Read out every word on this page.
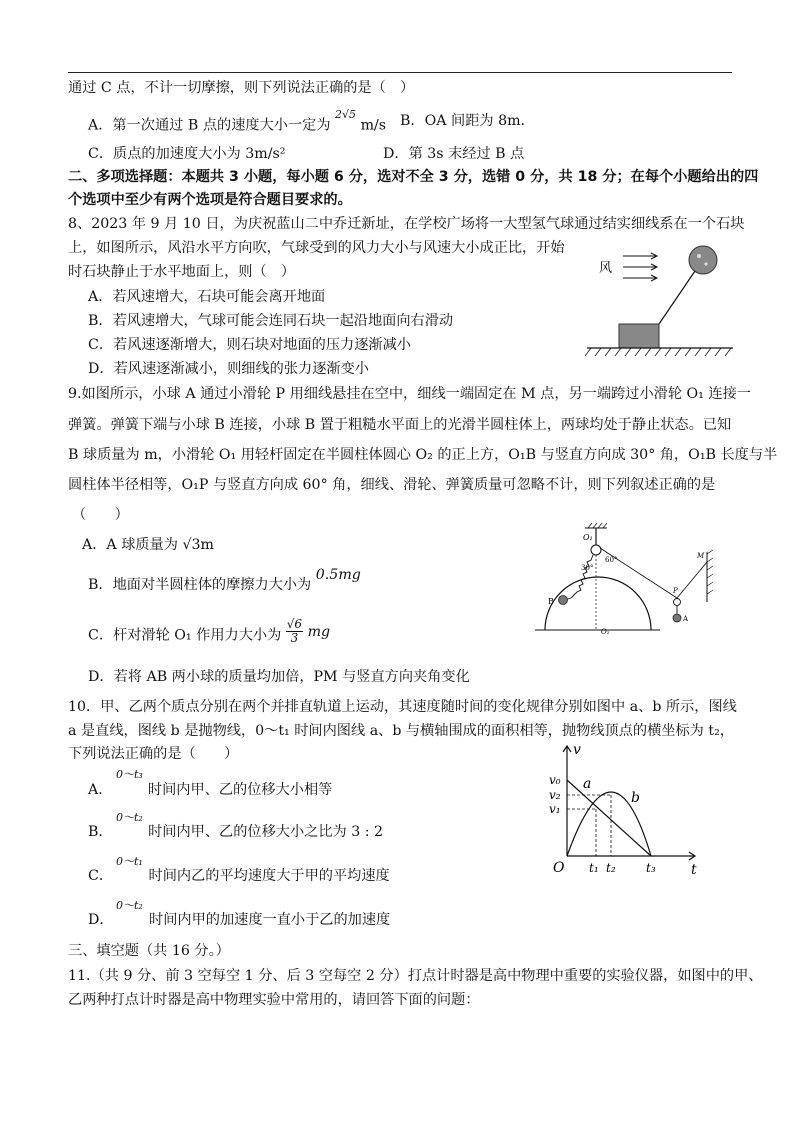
通过 C 点，不计一切摩擦，则下列说法正确的是（　）
A．第一次通过 B 点的速度大小一定为 $^{2√5}$ m/s B．OA 间距为 8m.
C．质点的加速度大小为 3m/s²	D．第 3s 末经过 B 点
二、多项选择题：本题共 3 小题，每小题 6 分，选对不全 3 分，选错 0 分，共 18 分；在每个小题给出的四
个选项中至少有两个选项是符合题目要求的。
8、2023 年 9 月 10 日，为庆祝蓝山二中乔迁新址，在学校广场将一大型氢气球通过结实细线系在一个石块
上，如图所示，风沿水平方向吹，气球受到的风力大小与风速大小成正比，开始
时石块静止于水平地面上，则（　）
A．若风速增大，石块可能会离开地面
B．若风速增大，气球可能会连同石块一起沿地面向右滑动
C．若风速逐渐增大，则石块对地面的压力逐渐减小
D．若风速逐渐减小，则细线的张力逐渐变小
风
9.如图所示，小球 A 通过小滑轮 P 用细线悬挂在空中，细线一端固定在 M 点，另一端跨过小滑轮 O₁ 连接一
弹簧。弹簧下端与小球 B 连接，小球 B 置于粗糙水平面上的光滑半圆柱体上，两球均处于静止状态。已知
B 球质量为 m，小滑轮 O₁ 用轻杆固定在半圆柱体圆心 O₂ 的正上方，O₁B 与竖直方向成 30° 角，O₁B 长度与半
圆柱体半径相等，O₁P 与竖直方向成 60° 角，细线、滑轮、弹簧质量可忽略不计，则下列叙述正确的是
（　　）
A．A 球质量为 √3m
B．地面对半圆柱体的摩擦力大小为 0.5mg
C．杆对滑轮 O₁ 作用力大小为 $\frac{√6}{3}$ mg
D．若将 AB 两小球的质量均加倍，PM 与竖直方向夹角变化
O₁
60°
30°
B
O₂
M
P
A
10．甲、乙两个质点分别在两个并排直轨道上运动，其速度随时间的变化规律分别如图中 a、b 所示，图线
a 是直线，图线 b 是抛物线，0～t₁ 时间内图线 a、b 与横轴围成的面积相等，抛物线顶点的横坐标为 t₂，
下列说法正确的是（　　）
0～t₃
A．　　　时间内甲、乙的位移大小相等
0～t₂
B．　　　时间内甲、乙的位移大小之比为 3 : 2
0～t₁
C．　　　时间内乙的平均速度大于甲的平均速度
0～t₂
D．　　　时间内甲的加速度一直小于乙的加速度
v
t
O
v₀
v₂
v₁
a
b
t₁ t₂	t₃
三、填空题（共 16 分。）
11.（共 9 分、前 3 空每空 1 分、后 3 空每空 2 分）打点计时器是高中物理中重要的实验仪器，如图中的甲、
乙两种打点计时器是高中物理实验中常用的，请回答下面的问题：
